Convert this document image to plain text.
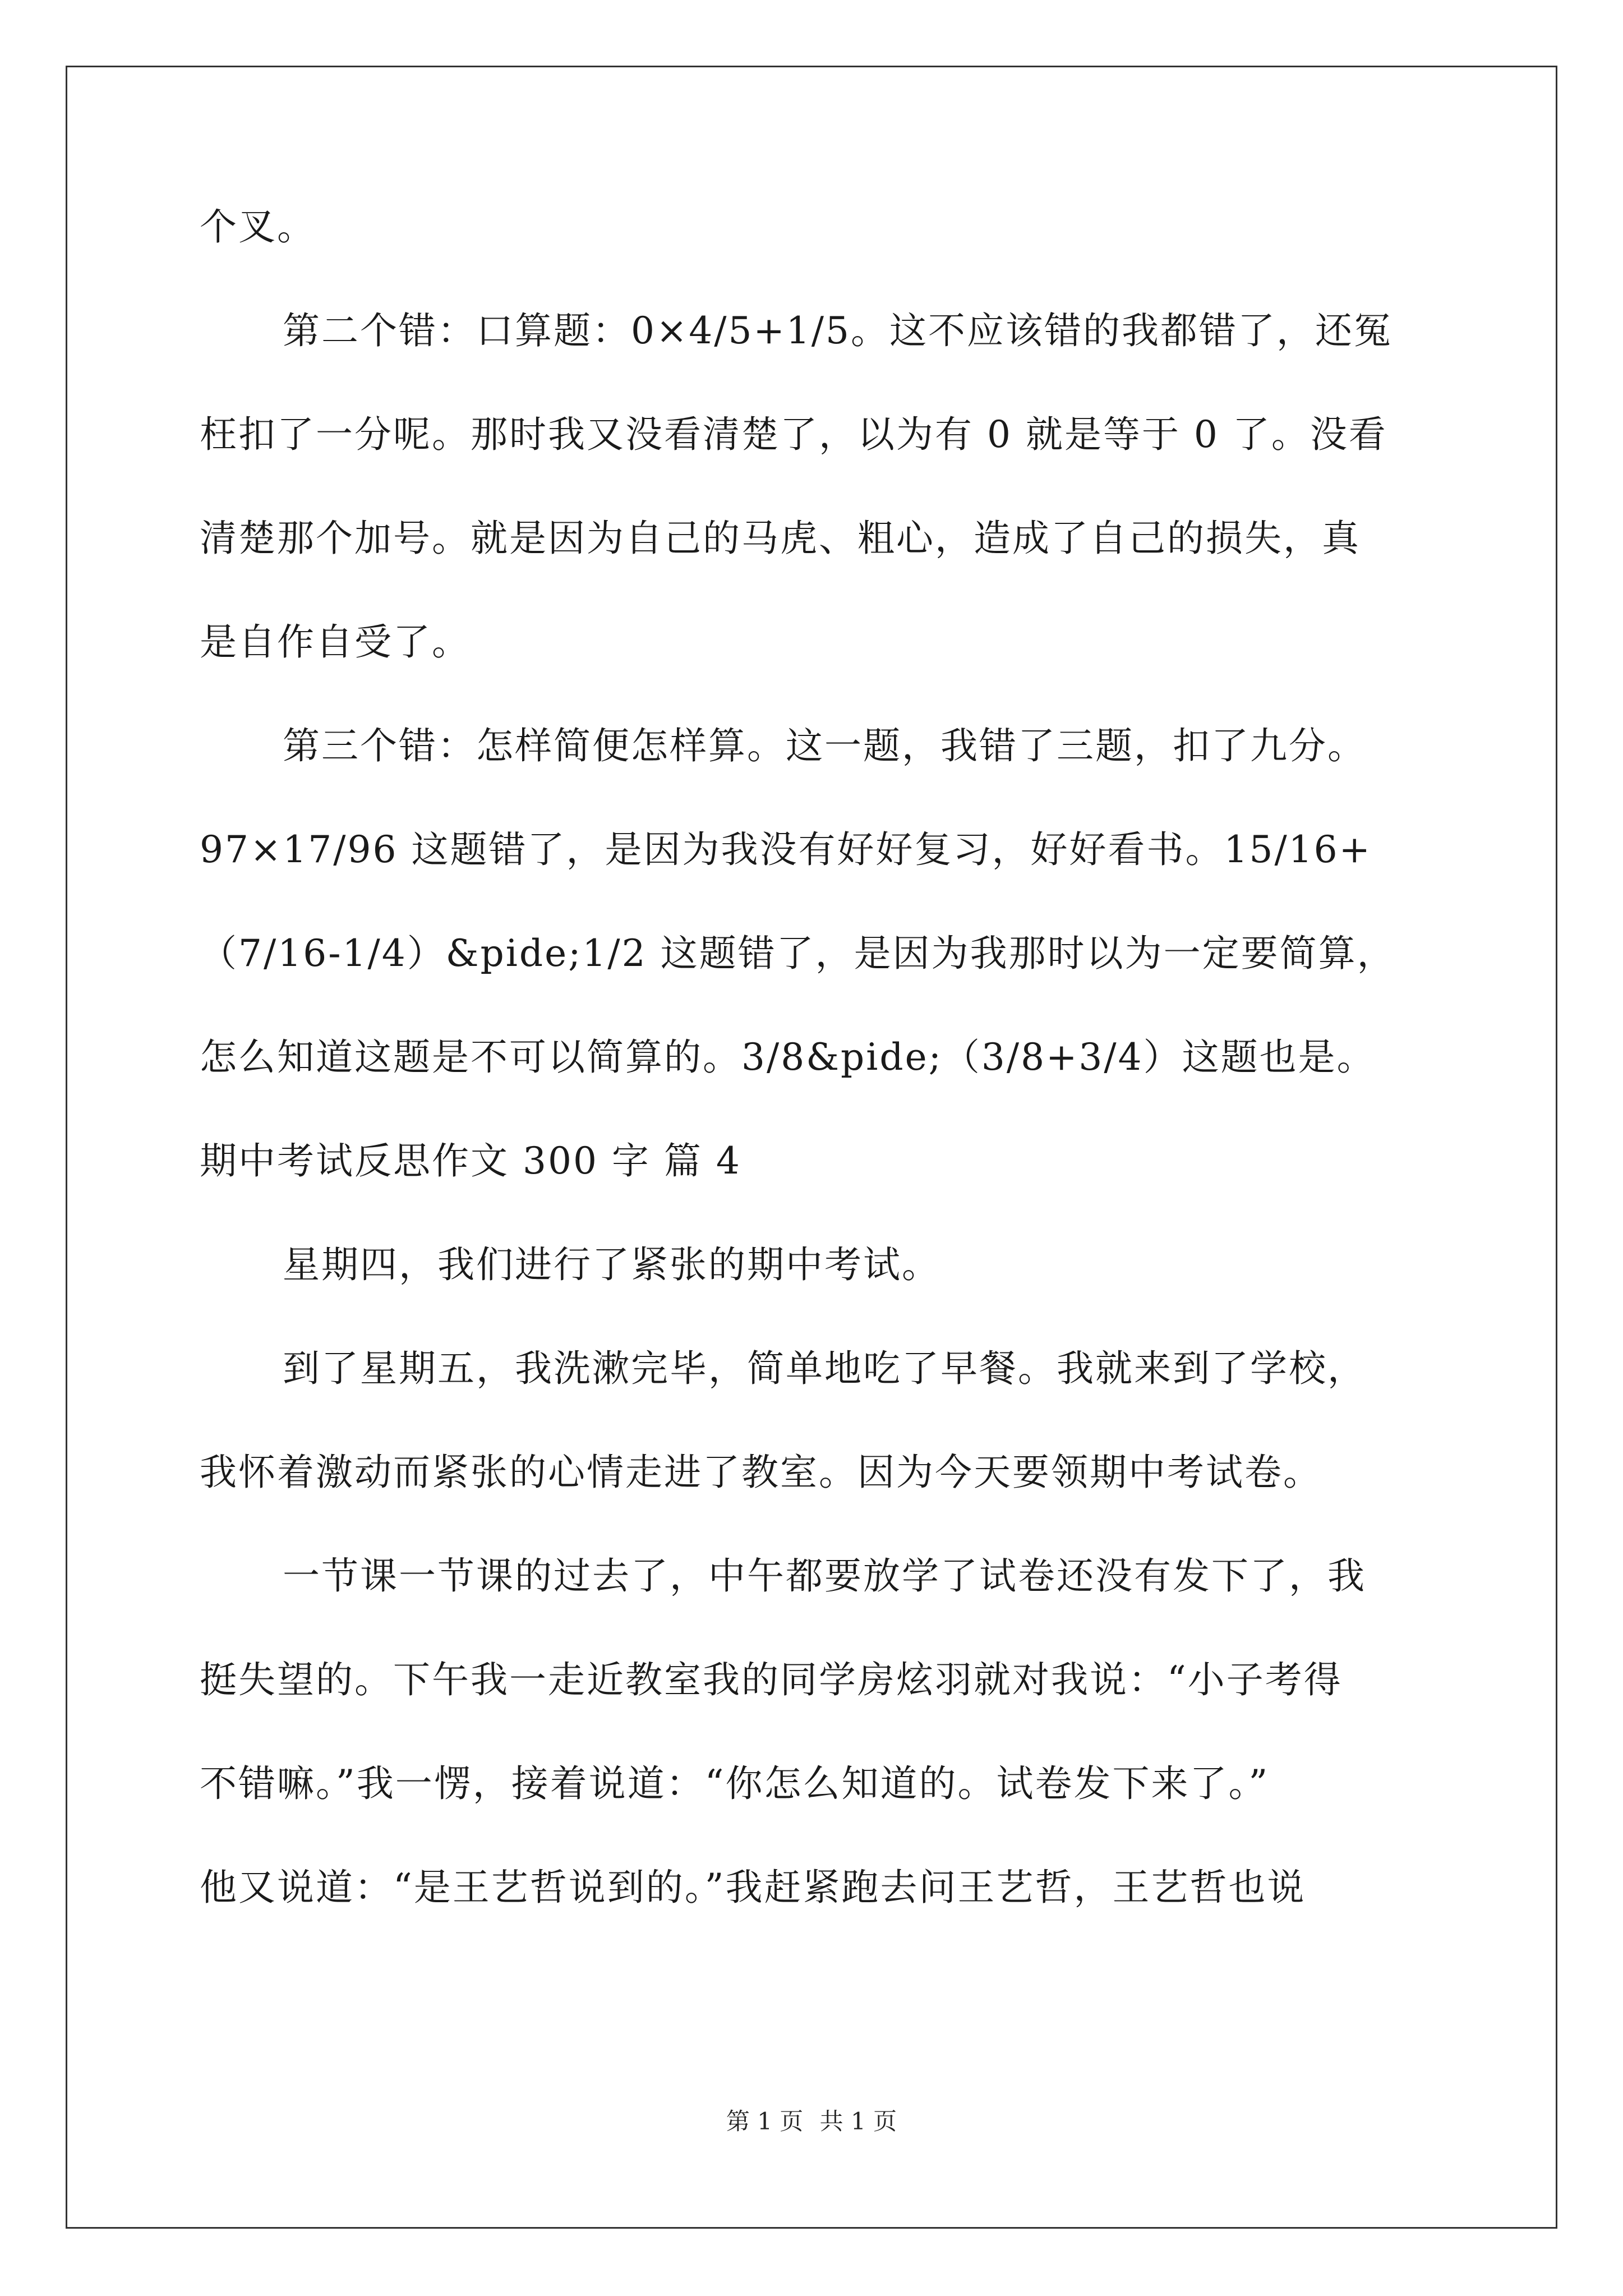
个叉。
第二个错：口算题：0×4/5+1/5。这不应该错的我都错了，还冤
枉扣了一分呢。那时我又没看清楚了，以为有 0 就是等于 0 了。没看
清楚那个加号。就是因为自己的马虎、粗心，造成了自己的损失，真
是自作自受了。
第三个错：怎样简便怎样算。这一题，我错了三题，扣了九分。
97×17/96 这题错了，是因为我没有好好复习，好好看书。15/16+
（7/16-1/4）&pide;1/2 这题错了，是因为我那时以为一定要简算，
怎么知道这题是不可以简算的。3/8&pide;（3/8+3/4）这题也是。
期中考试反思作文 300 字 篇 4
星期四，我们进行了紧张的期中考试。
到了星期五，我洗漱完毕，简单地吃了早餐。我就来到了学校，
我怀着激动而紧张的心情走进了教室。因为今天要领期中考试卷。
一节课一节课的过去了，中午都要放学了试卷还没有发下了，我
挺失望的。下午我一走近教室我的同学房炫羽就对我说：“小子考得
不错嘛。”我一愣，接着说道：“你怎么知道的。试卷发下来了。”
他又说道：“是王艺哲说到的。”我赶紧跑去问王艺哲，王艺哲也说
第 1 页 共 1 页
